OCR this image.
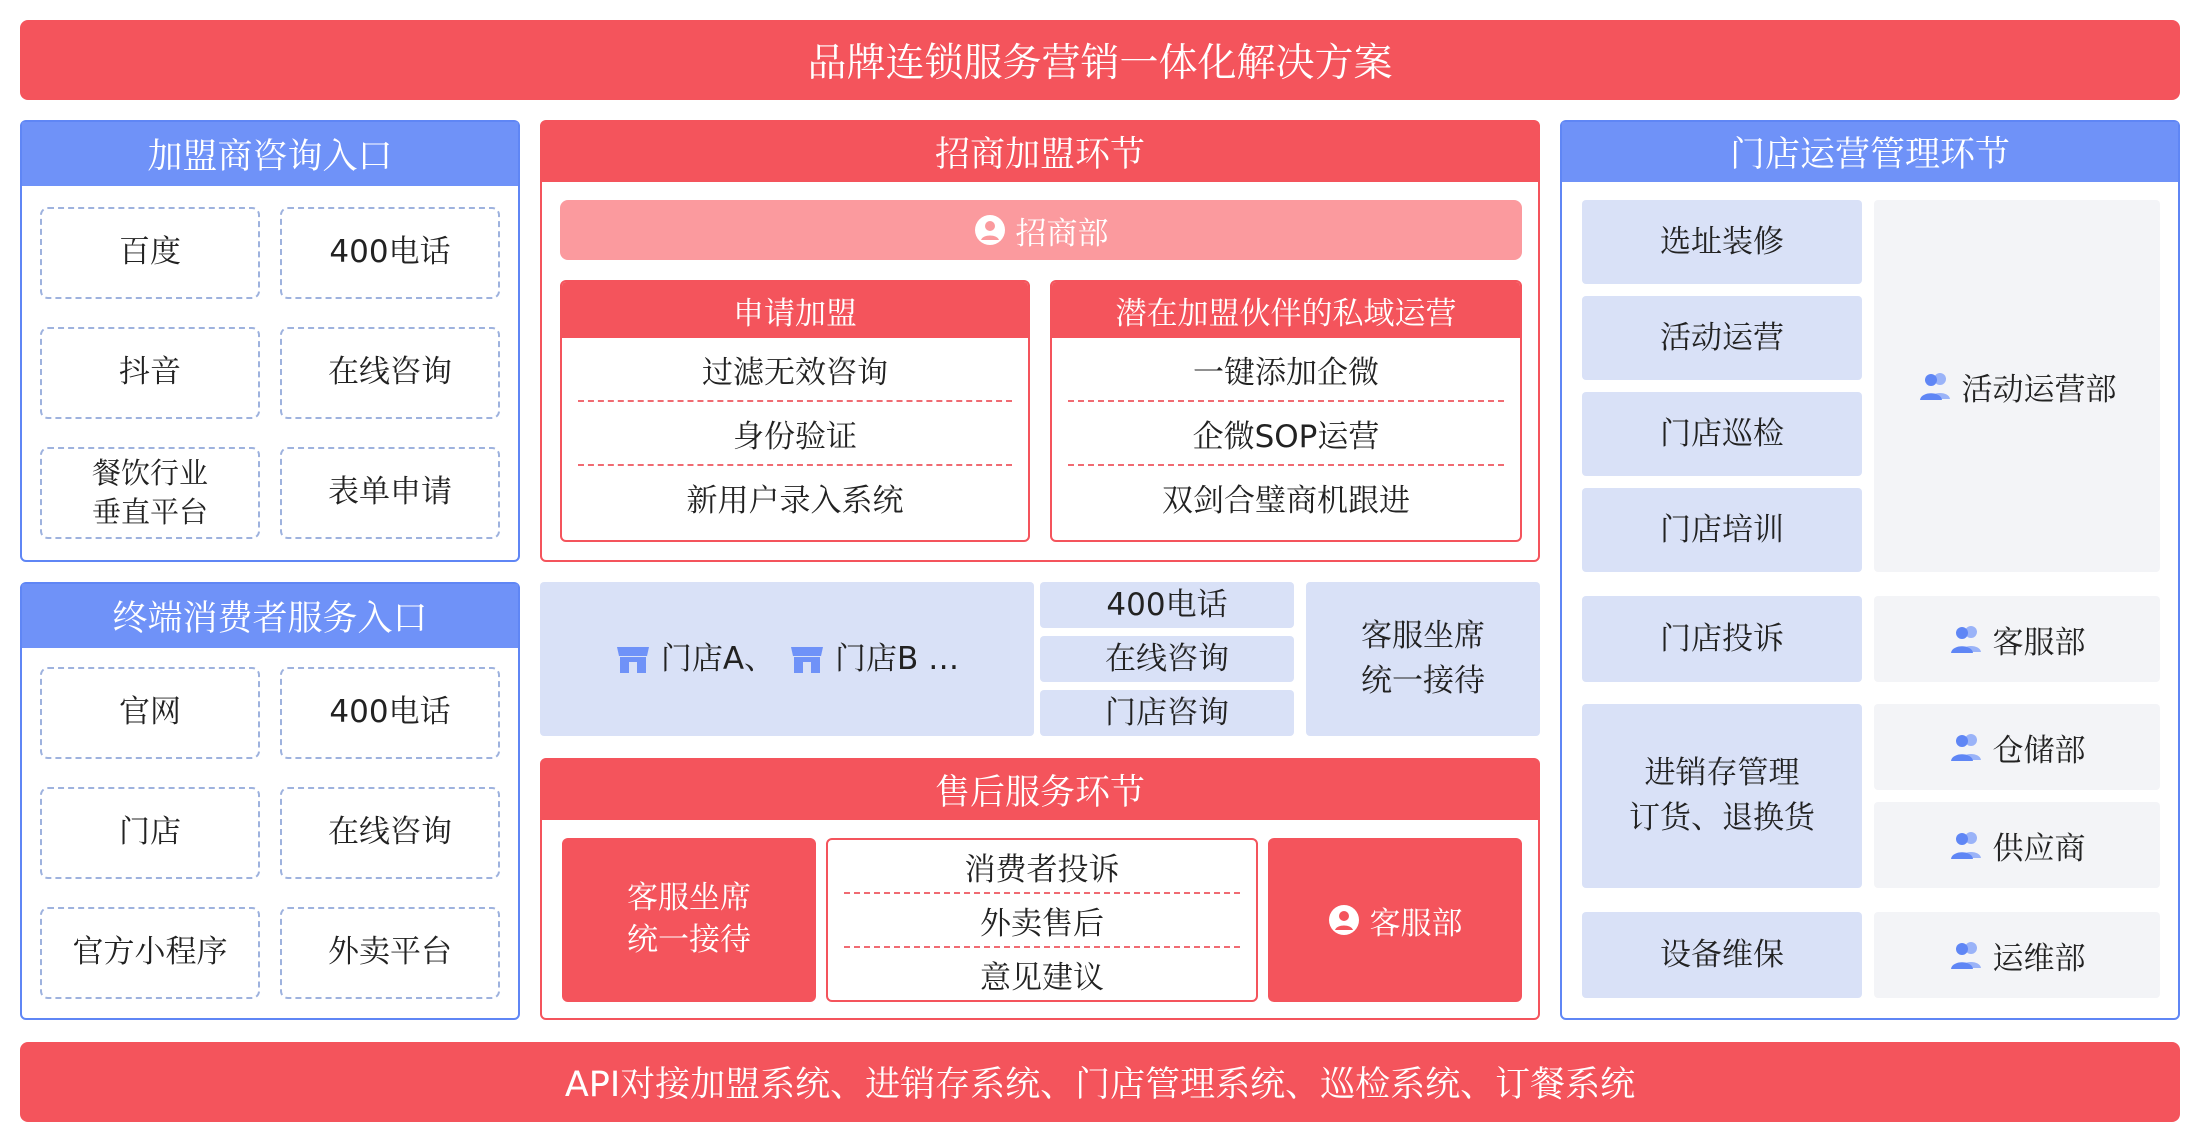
品牌连锁服务营销一体化解决方案
加盟商咨询入口
百度	400电话
抖音	在线咨询
餐饮行业
垂直平台
表单申请
终端消费者服务入口
官网	400电话
门店	在线咨询
官方小程序	外卖平台
招商加盟环节
招商部
申请加盟
过滤无效咨询
身份验证
新用户录入系统
潜在加盟伙伴的私域运营
一键添加企微
企微SOP运营
双剑合璧商机跟进
门店A、 门店B …
400电话
在线咨询
门店咨询
客服坐席
统一接待
售后服务环节
客服坐席
统一接待
消费者投诉
外卖售后
意见建议
客服部
门店运营管理环节
选址装修
活动运营
门店巡检
门店培训
门店投诉
进销存管理
订货、退换货
设备维保
活动运营部
客服部
仓储部
供应商
运维部
API对接加盟系统、进销存系统、门店管理系统、巡检系统、订餐系统
